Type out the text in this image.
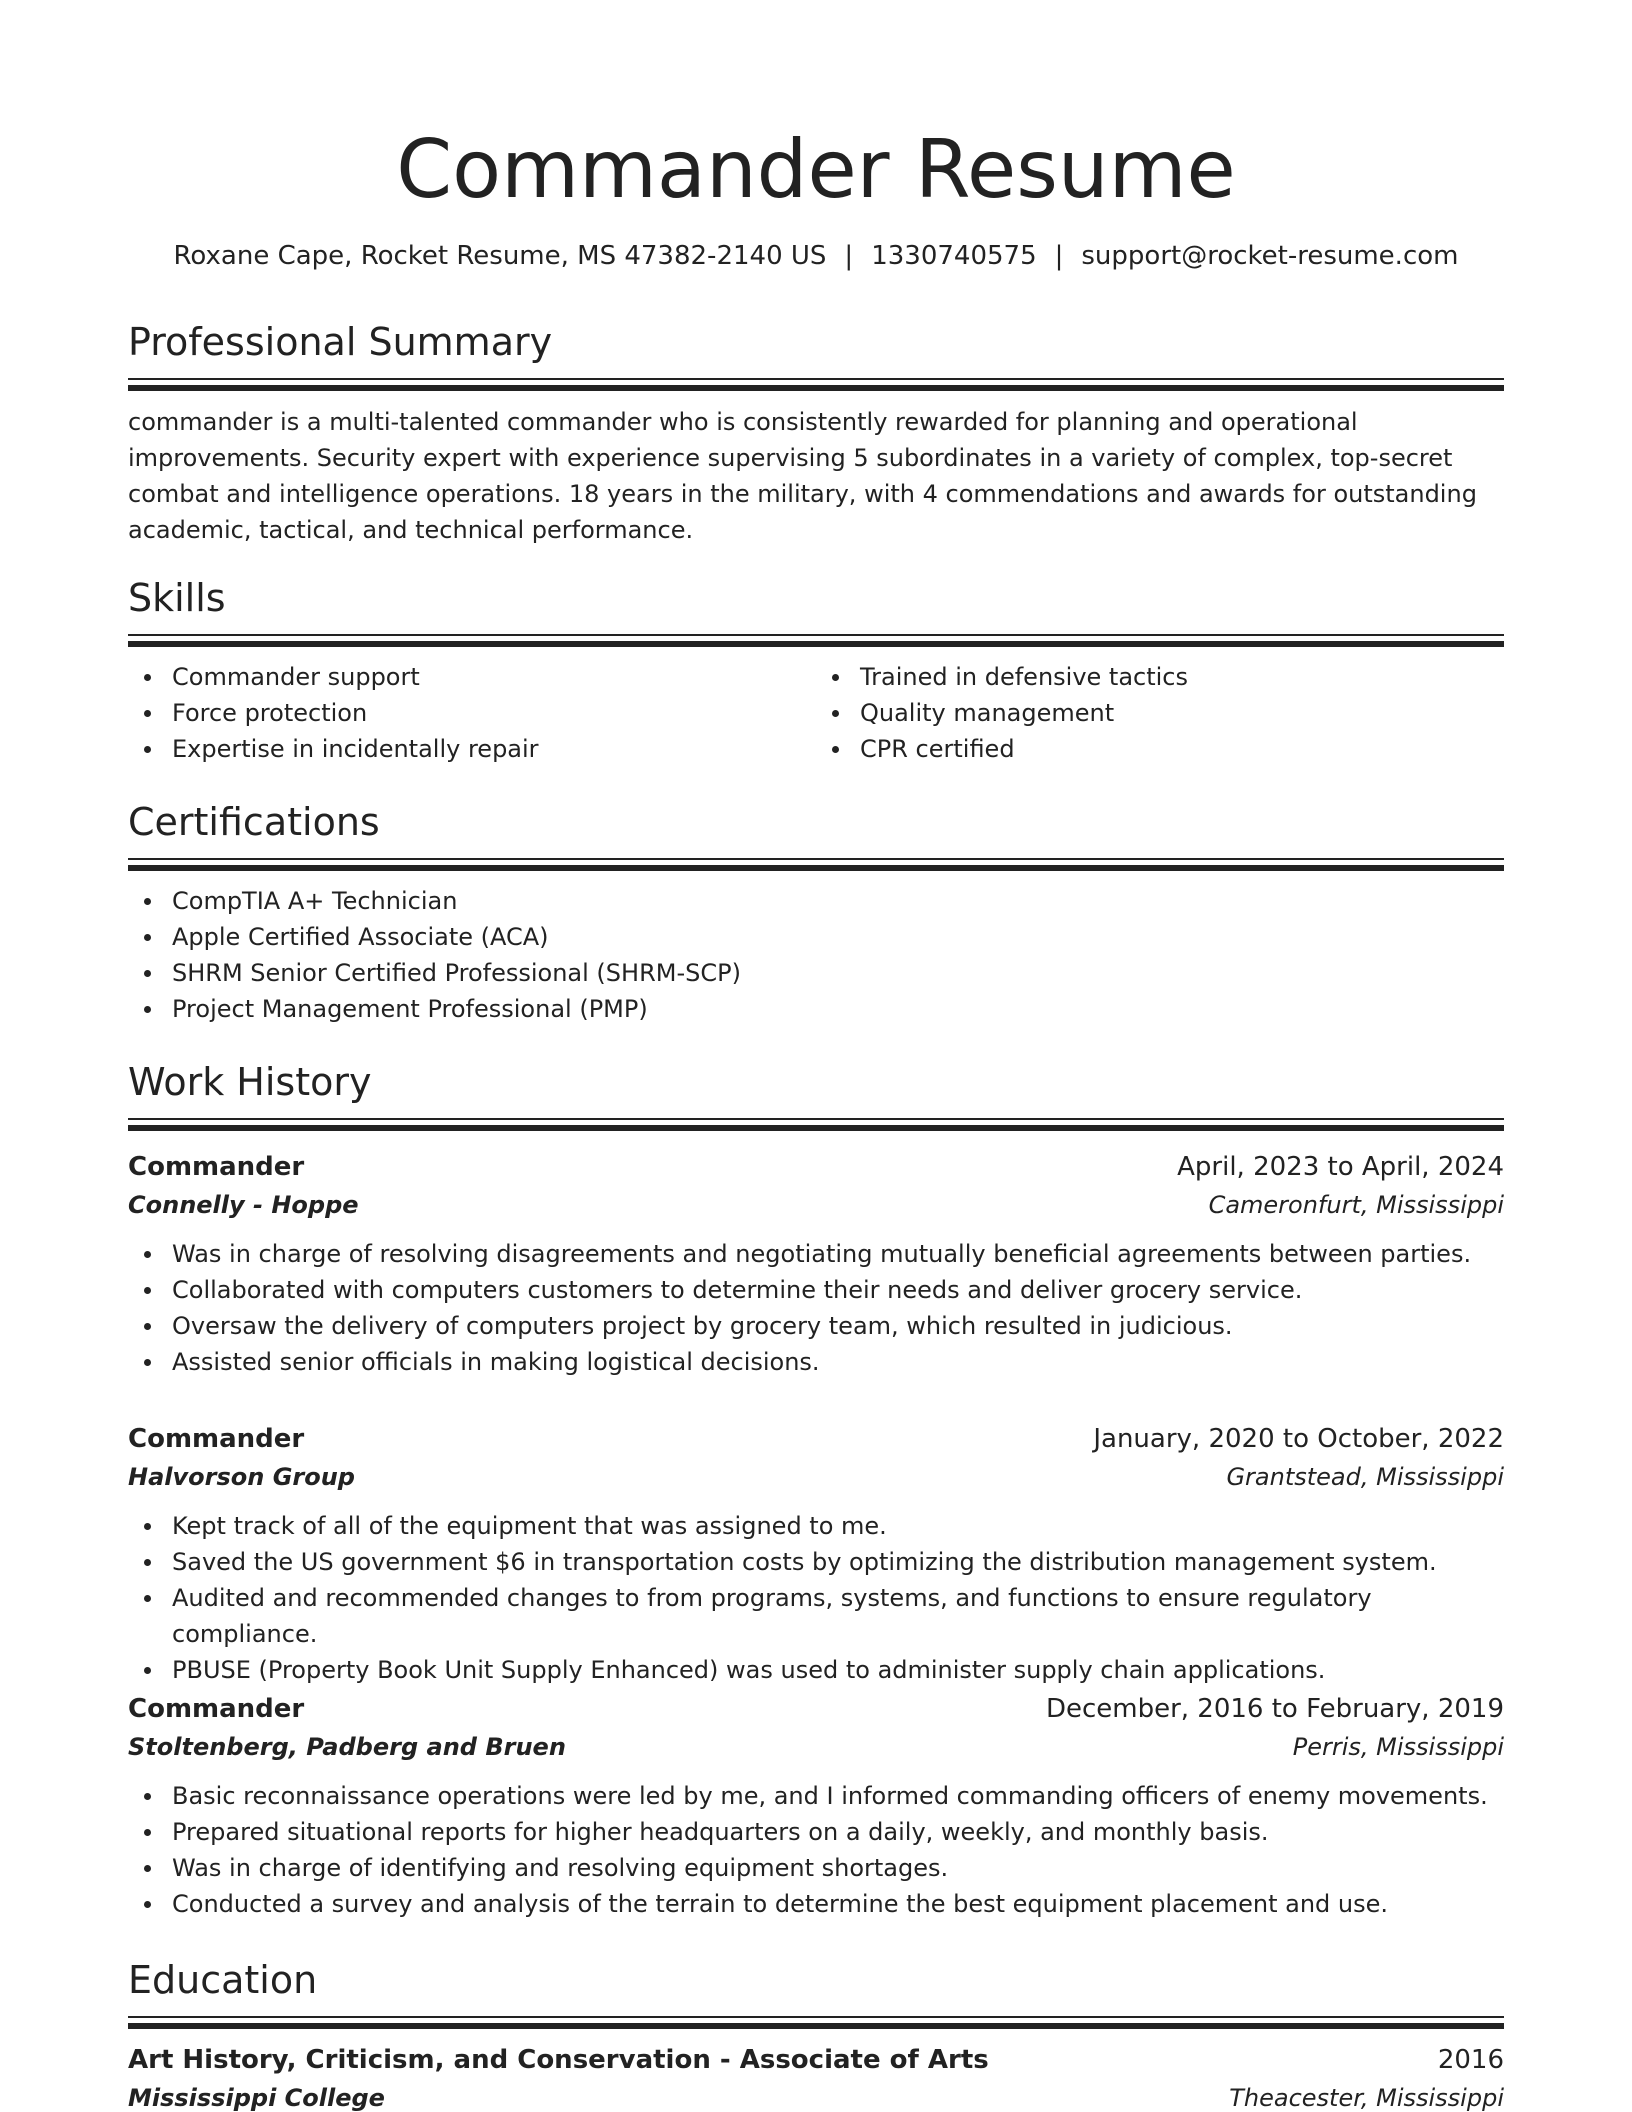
Commander Resume
Roxane Cape, Rocket Resume, MS 47382-2140 US | 1330740575 | support@rocket-resume.com
Professional Summary

commander is a multi-talented commander who is consistently rewarded for planning and operational improvements. Security expert with experience supervising 5 subordinates in a variety of complex, top-secret combat and intelligence operations. 18 years in the military, with 4 commendations and awards for outstanding academic, tactical, and technical performance.

Skills
Commander support
Force protection
Expertise in incidentally repair
Trained in defensive tactics
Quality management
CPR certified
Certifications
CompTIA A+ Technician
Apple Certified Associate (ACA)
SHRM Senior Certified Professional (SHRM-SCP)
Project Management Professional (PMP)
Work History
Commander	April, 2023 to April, 2024
Connelly - Hoppe	Cameronfurt, Mississippi
Was in charge of resolving disagreements and negotiating mutually beneficial agreements between parties.
Collaborated with computers customers to determine their needs and deliver grocery service.
Oversaw the delivery of computers project by grocery team, which resulted in judicious.
Assisted senior officials in making logistical decisions.
Commander	January, 2020 to October, 2022
Halvorson Group	Grantstead, Mississippi
Kept track of all of the equipment that was assigned to me.
Saved the US government $6 in transportation costs by optimizing the distribution management system.
Audited and recommended changes to from programs, systems, and functions to ensure regulatory compliance.
PBUSE (Property Book Unit Supply Enhanced) was used to administer supply chain applications.
Commander	December, 2016 to February, 2019
Stoltenberg, Padberg and Bruen	Perris, Mississippi
Basic reconnaissance operations were led by me, and I informed commanding officers of enemy movements.
Prepared situational reports for higher headquarters on a daily, weekly, and monthly basis.
Was in charge of identifying and resolving equipment shortages.
Conducted a survey and analysis of the terrain to determine the best equipment placement and use.
Education
Art History, Criticism, and Conservation - Associate of Arts	2016
Mississippi College	Theacester, Mississippi
